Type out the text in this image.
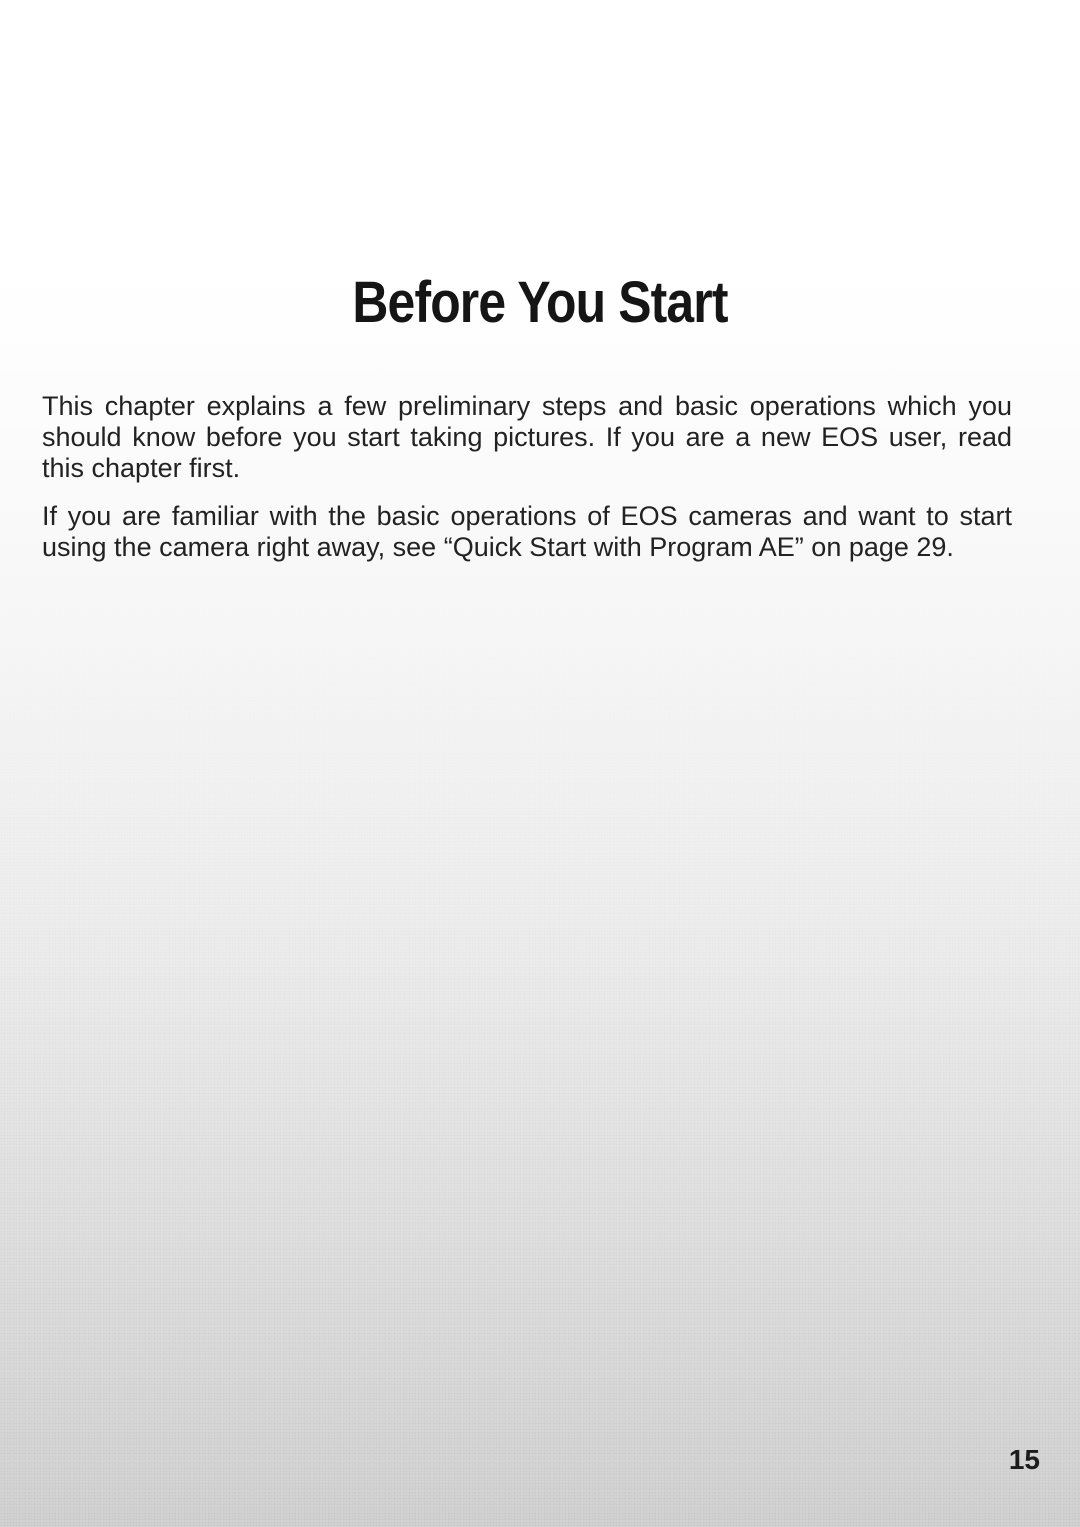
Before You Start

This chapter explains a few preliminary steps and basic operations which you should know before you start taking pictures. If you are a new EOS user, read this chapter first.

If you are familiar with the basic operations of EOS cameras and want to start using the camera right away, see “Quick Start with Program AE” on page 29.

15
